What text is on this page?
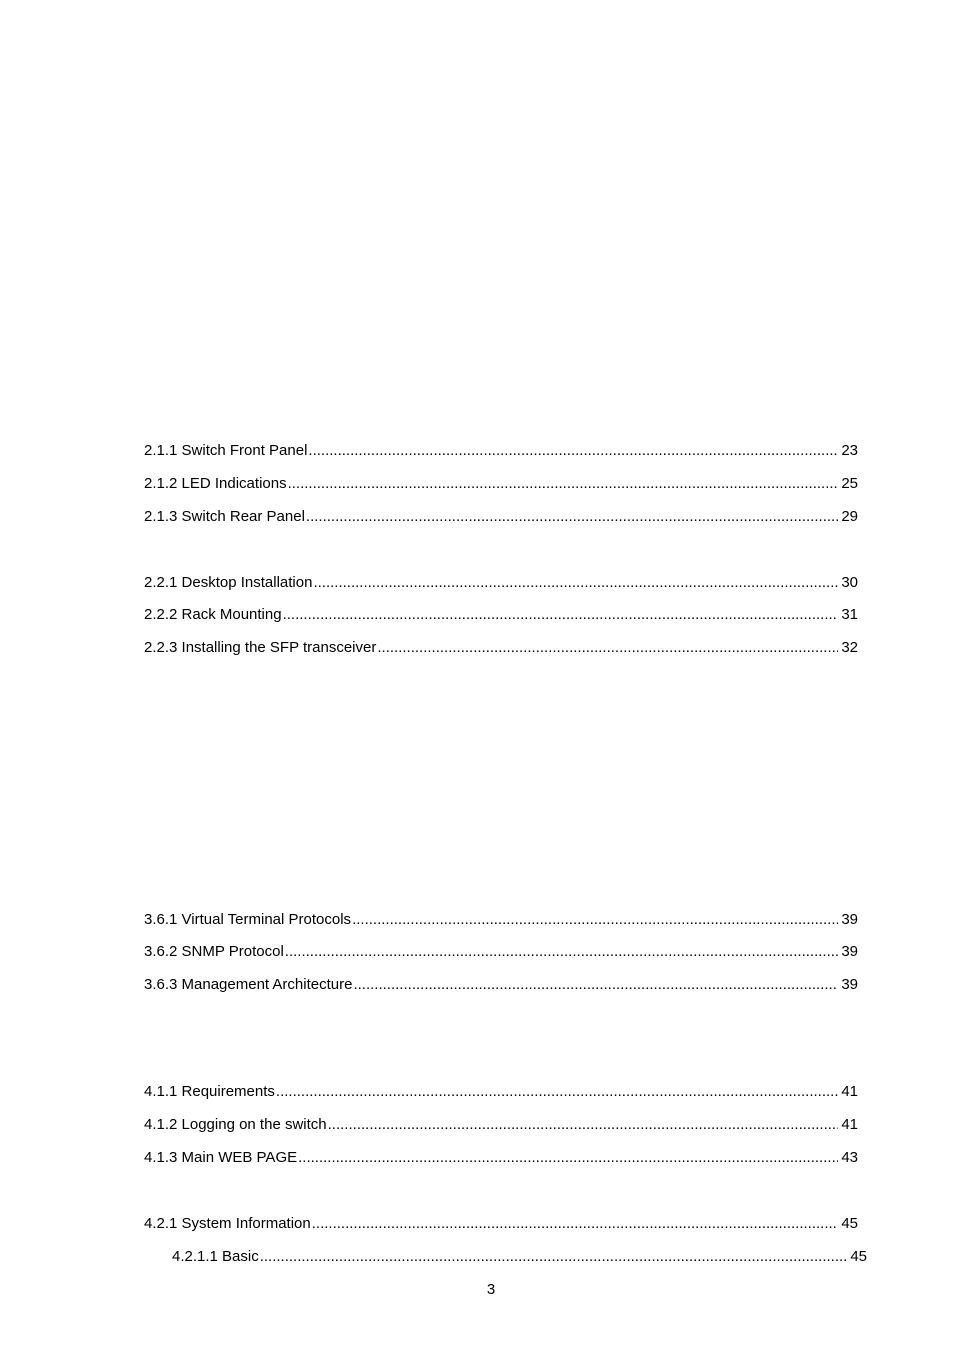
2.1.1 Switch Front Panel .....	23
2.1.2 LED Indications .....	25
2.1.3 Switch Rear Panel .....	29
2.2.1 Desktop Installation .....	30
2.2.2 Rack Mounting .....	31
2.2.3 Installing the SFP transceiver .....	32
3.6.1 Virtual Terminal Protocols .....	39
3.6.2 SNMP Protocol .....	39
3.6.3 Management Architecture .....	39
4.1.1 Requirements .....	41
4.1.2 Logging on the switch .....	41
4.1.3 Main WEB PAGE .....	43
4.2.1 System Information .....	45
4.2.1.1 Basic .....	45
3
